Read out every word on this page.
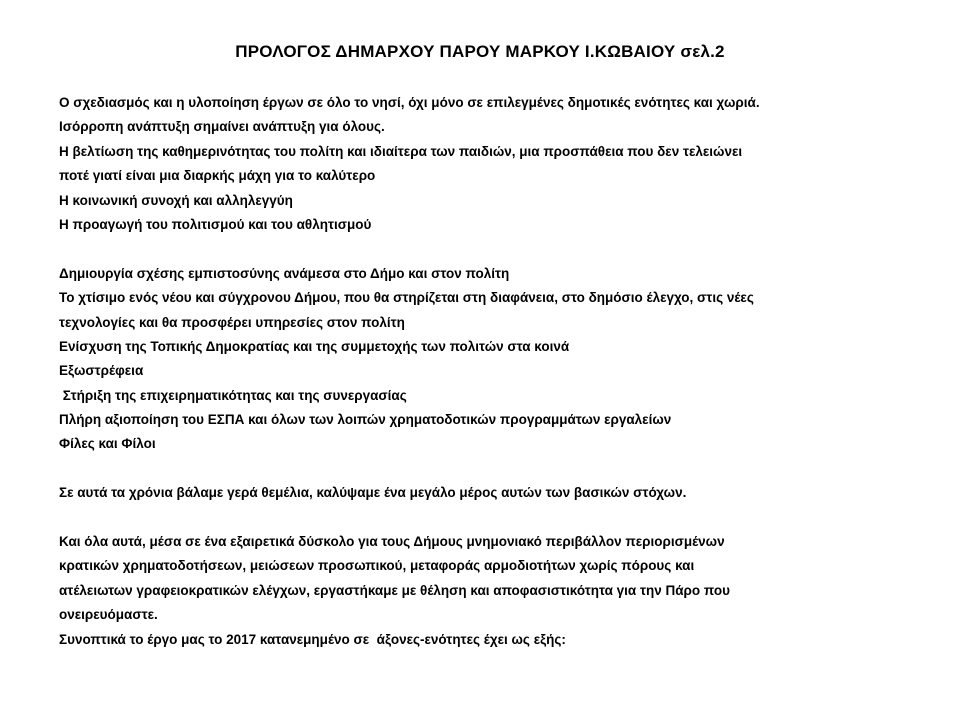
ΠΡΟΛΟΓΟΣ ΔΗΜΑΡΧΟΥ ΠΑΡΟΥ ΜΑΡΚΟΥ Ι.ΚΩΒΑΙΟΥ σελ.2
Ο σχεδιασμός και η υλοποίηση έργων σε όλο το νησί, όχι μόνο σε επιλεγμένες δημοτικές ενότητες και χωριά.
Ισόρροπη ανάπτυξη σημαίνει ανάπτυξη για όλους.
Η βελτίωση της καθημερινότητας του πολίτη και ιδιαίτερα των παιδιών, μια προσπάθεια που δεν τελειώνει
ποτέ γιατί είναι μια διαρκής μάχη για το καλύτερο
Η κοινωνική συνοχή και αλληλεγγύη
Η προαγωγή του πολιτισμού και του αθλητισμού
Δημιουργία σχέσης εμπιστοσύνης ανάμεσα στο Δήμο και στον πολίτη
Το χτίσιμο ενός νέου και σύγχρονου Δήμου, που θα στηρίζεται στη διαφάνεια, στο δημόσιο έλεγχο, στις νέες
τεχνολογίες και θα προσφέρει υπηρεσίες στον πολίτη
Ενίσχυση της Τοπικής Δημοκρατίας και της συμμετοχής των πολιτών στα κοινά
Εξωστρέφεια
Στήριξη της επιχειρηματικότητας και της συνεργασίας
Πλήρη αξιοποίηση του ΕΣΠΑ και όλων των λοιπών χρηματοδοτικών προγραμμάτων εργαλείων
Φίλες και Φίλοι
Σε αυτά τα χρόνια βάλαμε γερά θεμέλια, καλύψαμε ένα μεγάλο μέρος αυτών των βασικών στόχων.
Και όλα αυτά, μέσα σε ένα εξαιρετικά δύσκολο για τους Δήμους μνημονιακό περιβάλλον περιορισμένων
κρατικών χρηματοδοτήσεων, μειώσεων προσωπικού, μεταφοράς αρμοδιοτήτων χωρίς πόρους και
ατέλειωτων γραφειοκρατικών ελέγχων, εργαστήκαμε με θέληση και αποφασιστικότητα για την Πάρο που
ονειρευόμαστε.
Συνοπτικά το έργο μας το 2017 κατανεμημένο σε  άξονες-ενότητες έχει ως εξής:
